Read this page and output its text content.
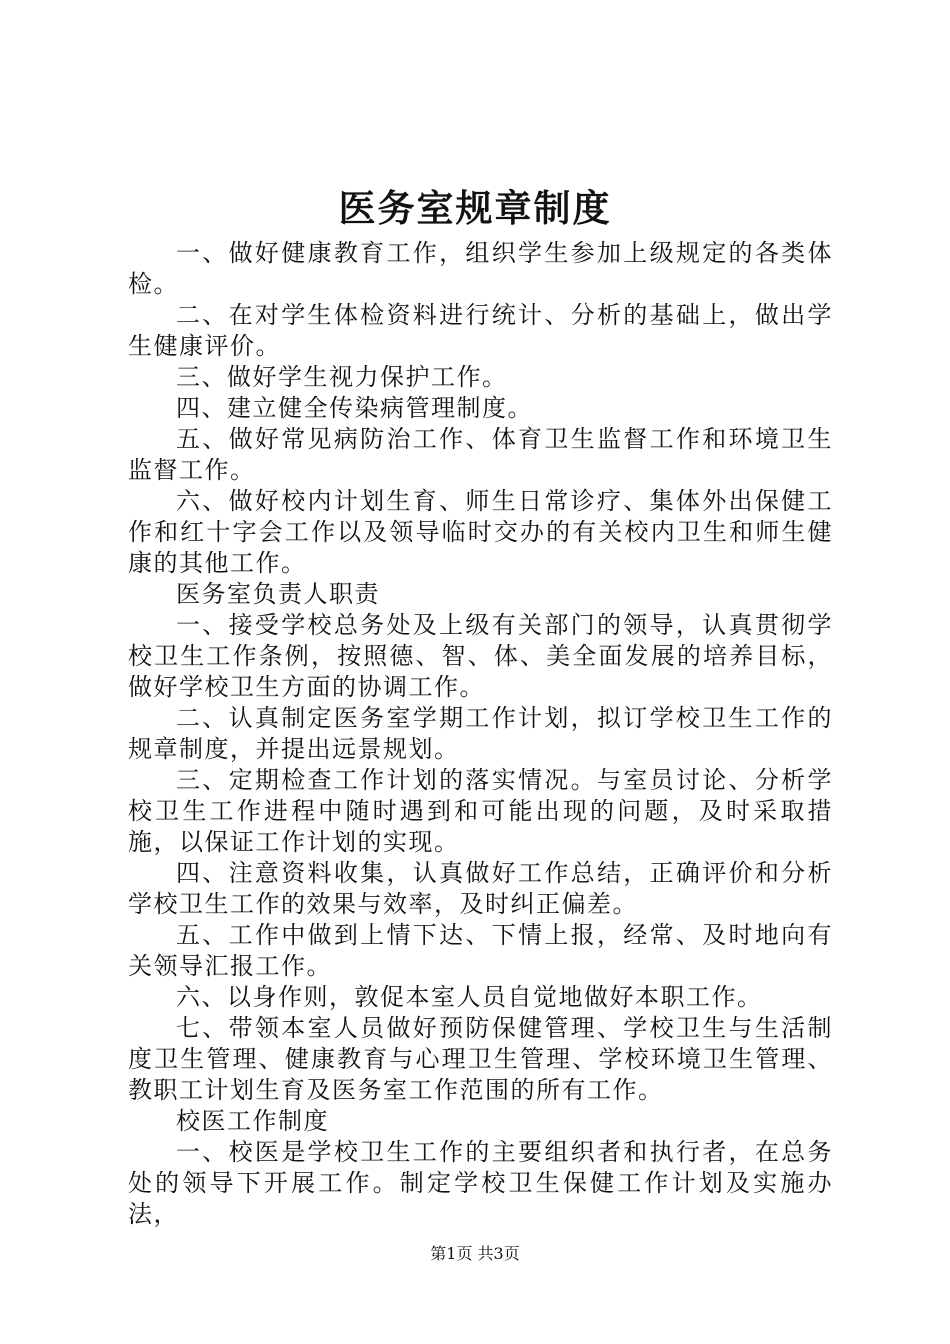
医务室规章制度

一、做好健康教育工作，组织学生参加上级规定的各类体检。

二、在对学生体检资料进行统计、分析的基础上，做出学生健康评价。

三、做好学生视力保护工作。

四、建立健全传染病管理制度。

五、做好常见病防治工作、体育卫生监督工作和环境卫生监督工作。

六、做好校内计划生育、师生日常诊疗、集体外出保健工作和红十字会工作以及领导临时交办的有关校内卫生和师生健康的其他工作。

医务室负责人职责

一、接受学校总务处及上级有关部门的领导，认真贯彻学校卫生工作条例，按照德、智、体、美全面发展的培养目标，做好学校卫生方面的协调工作。

二、认真制定医务室学期工作计划，拟订学校卫生工作的规章制度，并提出远景规划。

三、定期检查工作计划的落实情况。与室员讨论、分析学校卫生工作进程中随时遇到和可能出现的问题，及时采取措施，以保证工作计划的实现。

四、注意资料收集，认真做好工作总结，正确评价和分析学校卫生工作的效果与效率，及时纠正偏差。

五、工作中做到上情下达、下情上报，经常、及时地向有关领导汇报工作。

六、以身作则，敦促本室人员自觉地做好本职工作。

七、带领本室人员做好预防保健管理、学校卫生与生活制度卫生管理、健康教育与心理卫生管理、学校环境卫生管理、教职工计划生育及医务室工作范围的所有工作。

校医工作制度

一、校医是学校卫生工作的主要组织者和执行者，在总务处的领导下开展工作。制定学校卫生保健工作计划及实施办法，

第1页 共3页
